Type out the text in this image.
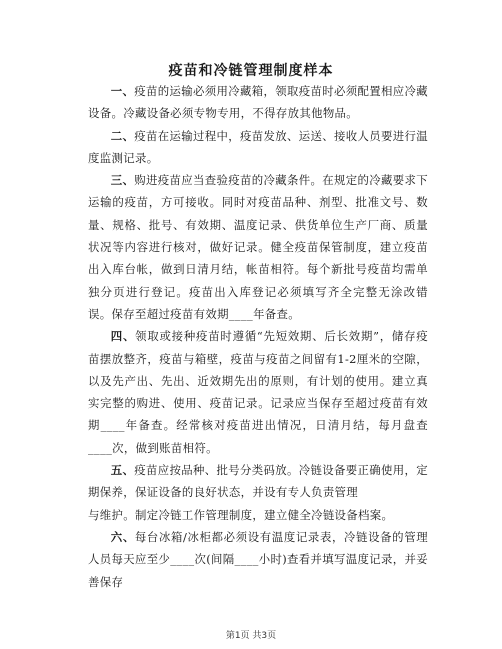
疫苗和冷链管理制度样本

一、疫苗的运输必须用冷藏箱，领取疫苗时必须配置相应冷藏设备。冷藏设备必须专物专用，不得存放其他物品。

二、疫苗在运输过程中，疫苗发放、运送、接收人员要进行温度监测记录。

三、购进疫苗应当查验疫苗的冷藏条件。在规定的冷藏要求下运输的疫苗，方可接收。同时对疫苗品种、剂型、批准文号、数量、规格、批号、有效期、温度记录、供货单位生产厂商、质量状况等内容进行核对，做好记录。健全疫苗保管制度，建立疫苗出入库台帐，做到日清月结，帐苗相符。每个新批号疫苗均需单独分页进行登记。疫苗出入库登记必须填写齐全完整无涂改错误。保存至超过疫苗有效期____年备查。

四、领取或接种疫苗时遵循“先短效期、后长效期”，储存疫苗摆放整齐，疫苗与箱壁，疫苗与疫苗之间留有1-2厘米的空隙，以及先产出、先出、近效期先出的原则，有计划的使用。建立真实完整的购进、使用、疫苗记录。记录应当保存至超过疫苗有效期____年备查。经常核对疫苗进出情况，日清月结，每月盘查____次，做到账苗相符。

五、疫苗应按品种、批号分类码放。冷链设备要正确使用，定期保养，保证设备的良好状态，并设有专人负责管理

与维护。制定冷链工作管理制度，建立健全冷链设备档案。

六、每台冰箱/冰柜都必须设有温度记录表，冷链设备的管理人员每天应至少____次(间隔____小时)查看并填写温度记录，并妥善保存

第1页 共3页
